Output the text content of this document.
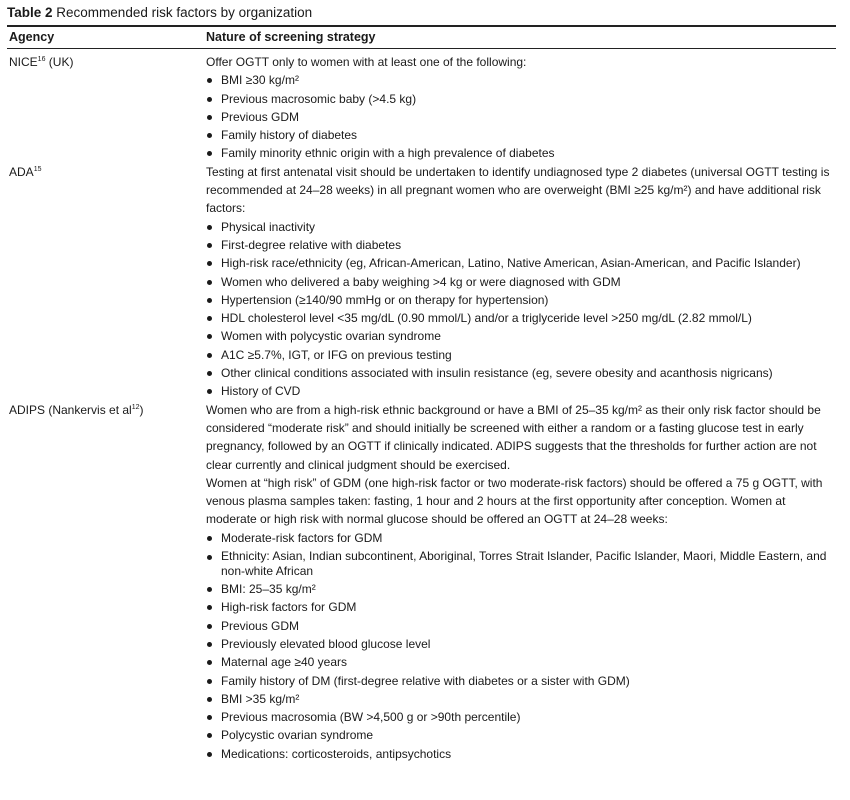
Table 2 Recommended risk factors by organization
Agency	Nature of screening strategy
NICE$^{16}$ (UK)	Offer OGTT only to women with at least one of the following:

BMI ≥30 kg/m²
Previous macrosomic baby (>4.5 kg)
Previous GDM
Family history of diabetes
Family minority ethnic origin with a high prevalence of diabetes
ADA$^{15}$	Testing at first antenatal visit should be undertaken to identify undiagnosed type 2 diabetes (universal OGTT testing is recommended at 24–28 weeks) in all pregnant women who are overweight (BMI ≥25 kg/m²) and have additional risk factors:

Physical inactivity
First-degree relative with diabetes
High-risk race/ethnicity (eg, African-American, Latino, Native American, Asian-American, and Pacific Islander)
Women who delivered a baby weighing >4 kg or were diagnosed with GDM
Hypertension (≥140/90 mmHg or on therapy for hypertension)
HDL cholesterol level <35 mg/dL (0.90 mmol/L) and/or a triglyceride level >250 mg/dL (2.82 mmol/L)
Women with polycystic ovarian syndrome
A1C ≥5.7%, IGT, or IFG on previous testing
Other clinical conditions associated with insulin resistance (eg, severe obesity and acanthosis nigricans)
History of CVD
ADIPS (Nankervis et $al^{12}$)	Women who are from a high-risk ethnic background or have a BMI of 25–35 kg/m² as their only risk factor should be considered “moderate risk” and should initially be screened with either a random or a fasting glucose test in early pregnancy, followed by an OGTT if clinically indicated. ADIPS suggests that the thresholds for further action are not clear currently and clinical judgment should be exercised.

Women at “high risk” of GDM (one high-risk factor or two moderate-risk factors) should be offered a 75 g OGTT, with venous plasma samples taken: fasting, 1 hour and 2 hours at the first opportunity after conception. Women at moderate or high risk with normal glucose should be offered an OGTT at 24–28 weeks:

Moderate-risk factors for GDM
Ethnicity: Asian, Indian subcontinent, Aboriginal, Torres Strait Islander, Pacific Islander, Maori, Middle Eastern, and non-white African
BMI: 25–35 kg/m²
High-risk factors for GDM
Previous GDM
Previously elevated blood glucose level
Maternal age ≥40 years
Family history of DM (first-degree relative with diabetes or a sister with GDM)
BMI >35 kg/m²
Previous macrosomia (BW >4,500 g or >90th percentile)
Polycystic ovarian syndrome
Medications: corticosteroids, antipsychotics
